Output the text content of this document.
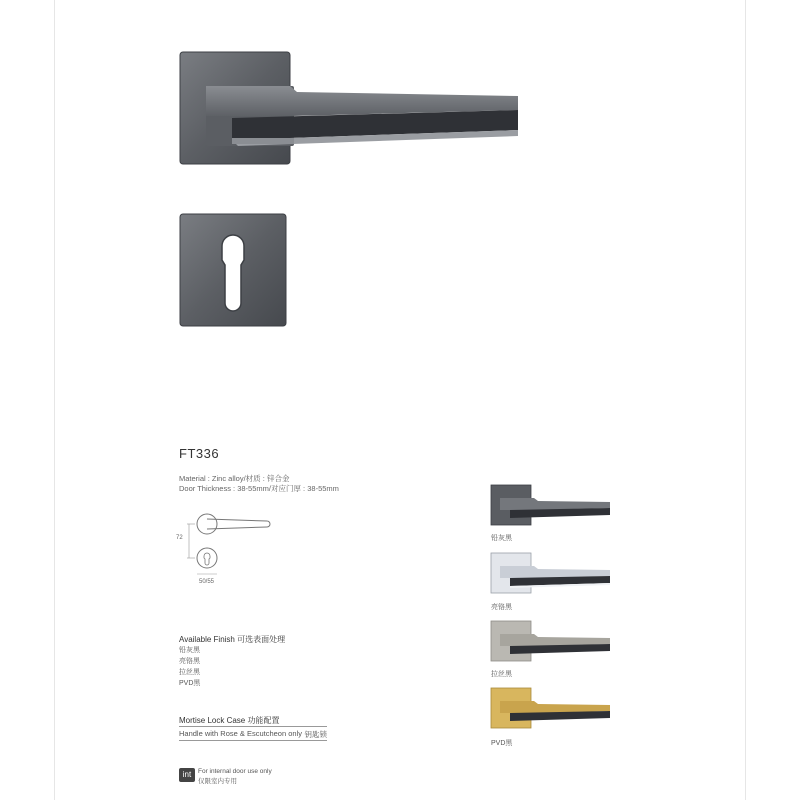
FT336
Material : Zinc alloy/材质 : 锌合金
Door Thickness : 38-55mm/对应门厚 : 38-55mm
72
50/55
Available Finish 可选表面处理
铅灰黑
亮铬黑
拉丝黑
PVD黑
Mortise Lock Case 功能配置
Handle with Rose & Escutcheon only 钥匙锁
铅灰黑
亮铬黑
拉丝黑
PVD黑
int	For internal door use only
仅限室内专用
